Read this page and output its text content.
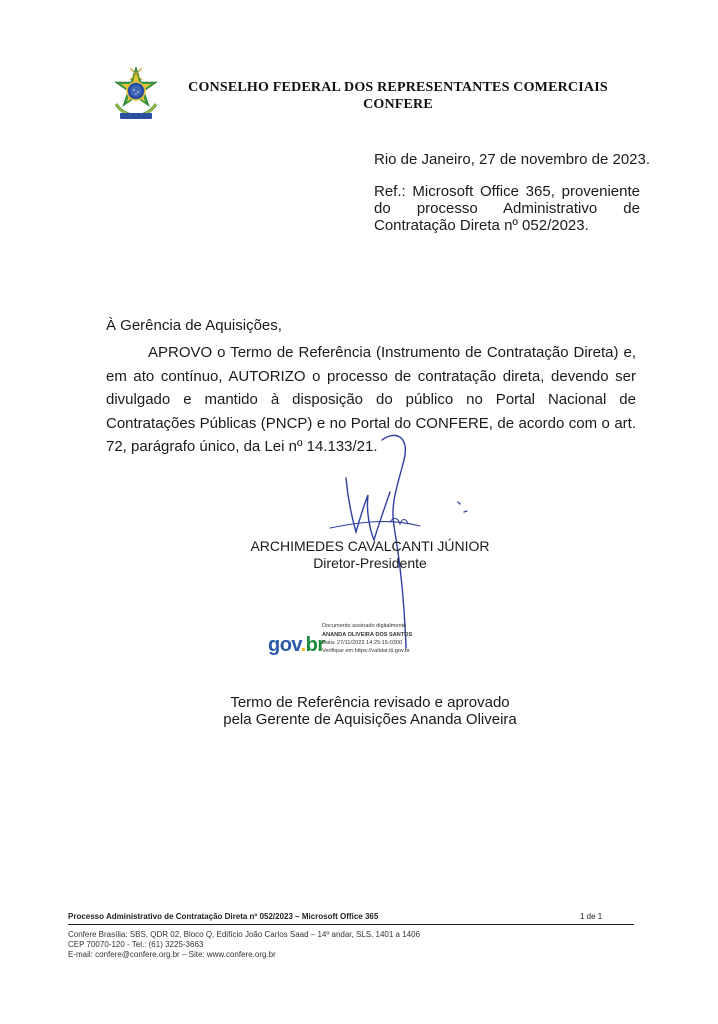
CONSELHO FEDERAL DOS REPRESENTANTES COMERCIAIS
CONFERE
Rio de Janeiro, 27 de novembro de 2023.
Ref.: Microsoft Office 365, proveniente do processo Administrativo de Contratação Direta nº 052/2023.
À Gerência de Aquisições,

APROVO o Termo de Referência (Instrumento de Contratação Direta) e, em ato contínuo, AUTORIZO o processo de contratação direta, devendo ser divulgado e mantido à disposição do público no Portal Nacional de Contratações Públicas (PNCP) e no Portal do CONFERE, de acordo com o art. 72, parágrafo único, da Lei nº 14.133/21.

ARCHIMEDES CAVALCANTI JÚNIOR
Diretor-Presidente
gov.br
Documento assinado digitalmente
ANANDA OLIVEIRA DOS SANTOS
Data: 27/11/2023 14:25:15-0300
Verifique em https://validar.iti.gov.br
Termo de Referência revisado e aprovado
pela Gerente de Aquisições Ananda Oliveira
Processo Administrativo de Contratação Direta nº 052/2023 – Microsoft Office 365	1 de 1
Confere Brasília: SBS, QDR 02, Bloco Q, Edifício João Carlos Saad – 14º andar, SLS. 1401 a 1406
CEP 70070-120 - Tel.: (61) 3225-3663
E-mail: confere@confere.org.br – Site: www.confere.org.br
